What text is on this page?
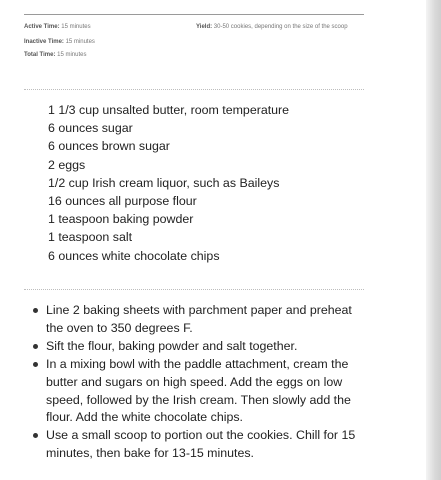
Active Time: 15 minutes
Inactive Time: 15 minutes
Total Time: 15 minutes
Yield: 30-50 cookies, depending on the size of the scoop
1 1/3 cup unsalted butter, room temperature
6 ounces sugar
6 ounces brown sugar
2 eggs
1/2 cup Irish cream liquor, such as Baileys
16 ounces all purpose flour
1 teaspoon baking powder
1 teaspoon salt
6 ounces white chocolate chips
Line 2 baking sheets with parchment paper and preheat the oven to 350 degrees F.
Sift the flour, baking powder and salt together.
In a mixing bowl with the paddle attachment, cream the butter and sugars on high speed. Add the eggs on low speed, followed by the Irish cream. Then slowly add the flour. Add the white chocolate chips.
Use a small scoop to portion out the cookies. Chill for 15 minutes, then bake for 13-15 minutes.
